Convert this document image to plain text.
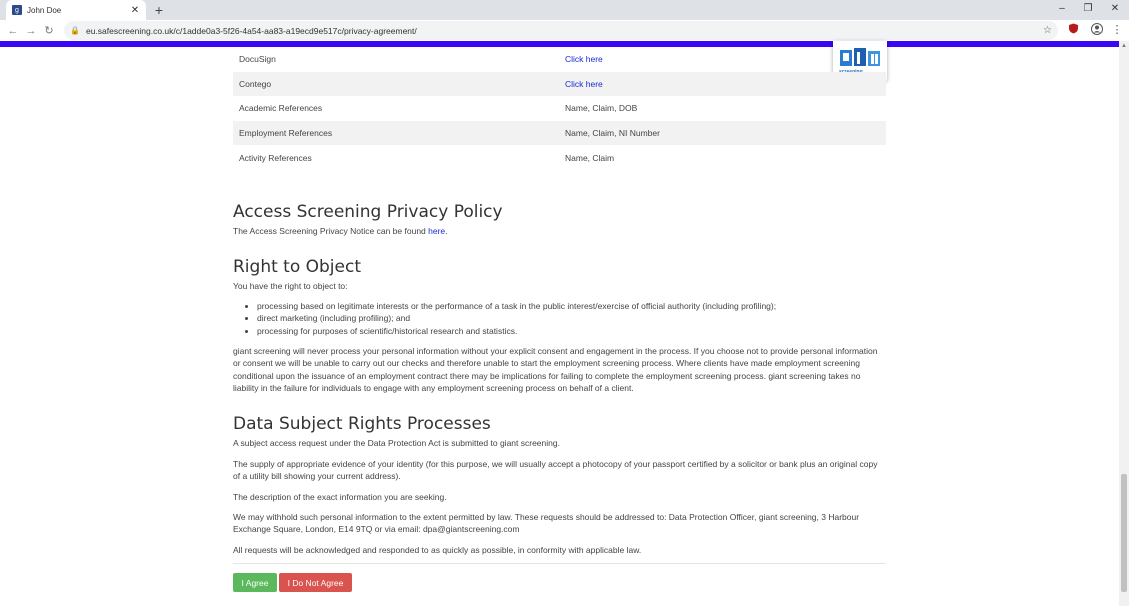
g	John Doe	✕ +	–	❐	✕
← → ↻	🔒 eu.safescreening.co.uk/c/1adde0a3-5f26-4a54-aa83-a19ecd9e517c/privacy-agreement/	☆	⋮
▲
DocuSign	Click here
Contego	Click here
Academic References	Name, Claim, DOB
Employment References	Name, Claim, NI Number
Activity References	Name, Claim
Access Screening Privacy Policy

The Access Screening Privacy Notice can be found here.

Right to Object

You have the right to object to:

• processing based on legitimate interests or the performance of a task in the public interest/exercise of official authority (including profiling);
• direct marketing (including profiling); and
• processing for purposes of scientific/historical research and statistics.

giant screening will never process your personal information without your explicit consent and engagement in the process. If you choose not to provide personal information or consent we will be unable to carry out our checks and therefore unable to start the employment screening process. Where clients have made employment screening conditional upon the issuance of an employment contract there may be implications for failing to complete the employment screening process. giant screening takes no liability in the failure for individuals to engage with any employment screening process on behalf of a client.

Data Subject Rights Processes

A subject access request under the Data Protection Act is submitted to giant screening.

The supply of appropriate evidence of your identity (for this purpose, we will usually accept a photocopy of your passport certified by a solicitor or bank plus an original copy of a utility bill showing your current address).

The description of the exact information you are seeking.

We may withhold such personal information to the extent permitted by law. These requests should be addressed to: Data Protection Officer, giant screening, 3 Harbour Exchange Square, London, E14 9TQ or via email: dpa@giantscreening.com

All requests will be acknowledged and responded to as quickly as possible, in conformity with applicable law.

I Agree	I Do Not Agree
